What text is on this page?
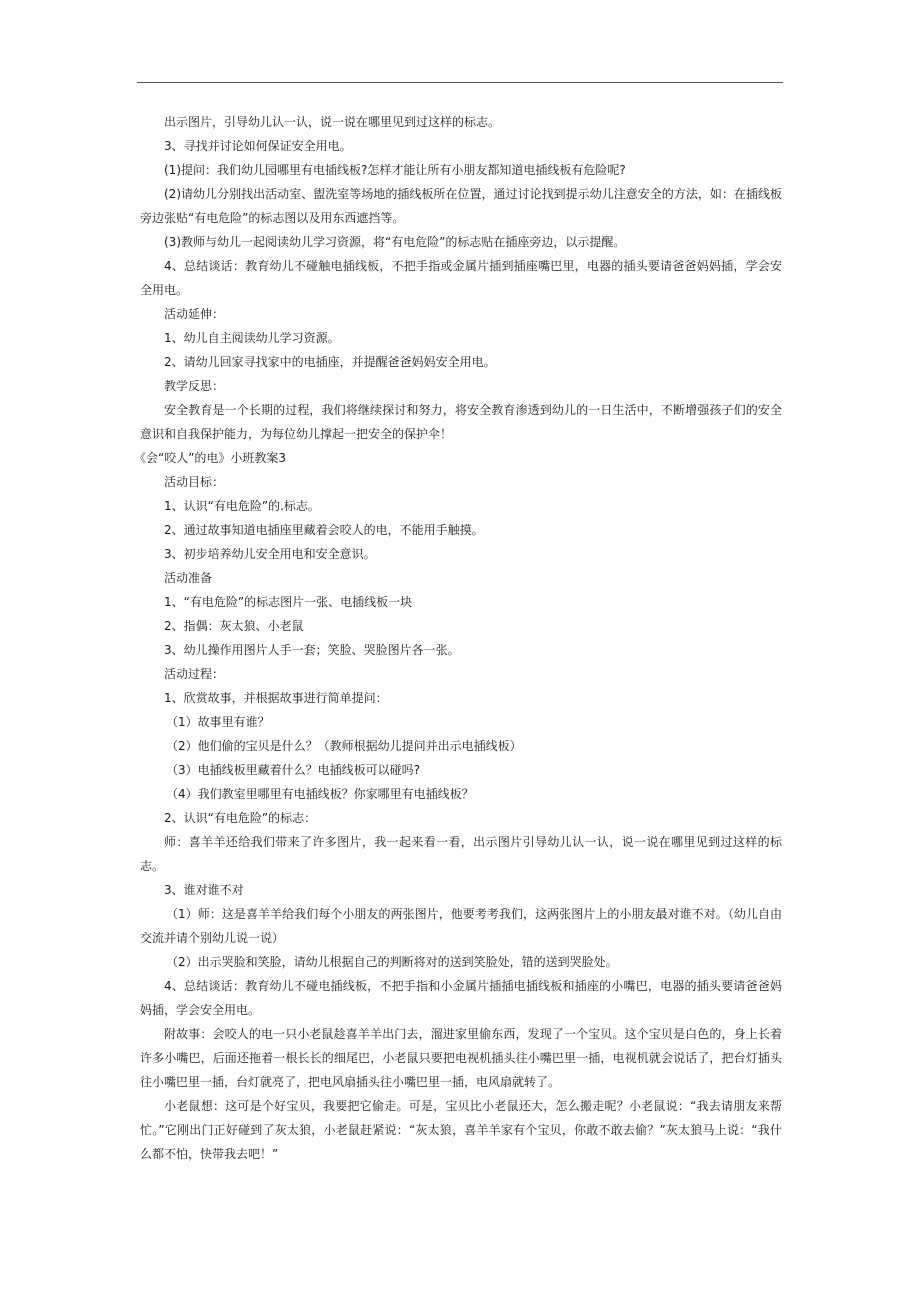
出示图片，引导幼儿认一认，说一说在哪里见到过这样的标志。

3、寻找并讨论如何保证安全用电。

(1)提问：我们幼儿园哪里有电插线板?怎样才能让所有小朋友都知道电插线板有危险呢?

(2)请幼儿分别找出活动室、盥洗室等场地的插线板所在位置，通过讨论找到提示幼儿注意安全的方法，如：在插线板旁边张贴“有电危险”的标志图以及用东西遮挡等。

(3)教师与幼儿一起阅读幼儿学习资源，将“有电危险”的标志贴在插座旁边，以示提醒。

4、总结谈话：教育幼儿不碰触电插线板，不把手指或金属片插到插座嘴巴里，电器的插头要请爸爸妈妈插，学会安全用电。

活动延伸：

1、幼儿自主阅读幼儿学习资源。

2、请幼儿回家寻找家中的电插座，并提醒爸爸妈妈安全用电。

教学反思：

安全教育是一个长期的过程，我们将继续探讨和努力，将安全教育渗透到幼儿的一日生活中，不断增强孩子们的安全意识和自我保护能力，为每位幼儿撑起一把安全的保护伞！

《会“咬人”的电》小班教案3

活动目标：

1、认识“有电危险”的.标志。

2、通过故事知道电插座里藏着会咬人的电，不能用手触摸。

3、初步培养幼儿安全用电和安全意识。

活动准备

1、“有电危险”的标志图片一张、电插线板一块

2、指偶：灰太狼、小老鼠

3、幼儿操作用图片人手一套；笑脸、哭脸图片各一张。

活动过程：

1、欣赏故事，并根据故事进行简单提问：

（1）故事里有谁？

（2）他们偷的宝贝是什么？（教师根据幼儿提问并出示电插线板）

（3）电插线板里藏着什么？电插线板可以碰吗?

（4）我们教室里哪里有电插线板？你家哪里有电插线板？

2、认识“有电危险”的标志：

师：喜羊羊还给我们带来了许多图片，我一起来看一看，出示图片引导幼儿认一认，说一说在哪里见到过这样的标志。

3、谁对谁不对

（1）师：这是喜羊羊给我们每个小朋友的两张图片，他要考考我们，这两张图片上的小朋友最对谁不对。（幼儿自由交流并请个别幼儿说一说）

（2）出示哭脸和笑脸，请幼儿根据自己的判断将对的送到笑脸处，错的送到哭脸处。

4、总结谈话：教育幼儿不碰电插线板，不把手指和小金属片插插电插线板和插座的小嘴巴，电器的插头要请爸爸妈妈插，学会安全用电。

附故事：会咬人的电一只小老鼠趁喜羊羊出门去，溜进家里偷东西，发现了一个宝贝。这个宝贝是白色的，身上长着许多小嘴巴，后面还拖着一根长长的细尾巴，小老鼠只要把电视机插头往小嘴巴里一插，电视机就会说话了，把台灯插头往小嘴巴里一插，台灯就亮了，把电风扇插头往小嘴巴里一插，电风扇就转了。

小老鼠想：这可是个好宝贝，我要把它偷走。可是，宝贝比小老鼠还大，怎么搬走呢？小老鼠说：“我去请朋友来帮忙。”它刚出门正好碰到了灰太狼，小老鼠赶紧说：“灰太狼，喜羊羊家有个宝贝，你敢不敢去偷？”灰太狼马上说：“我什么都不怕，快带我去吧！”
